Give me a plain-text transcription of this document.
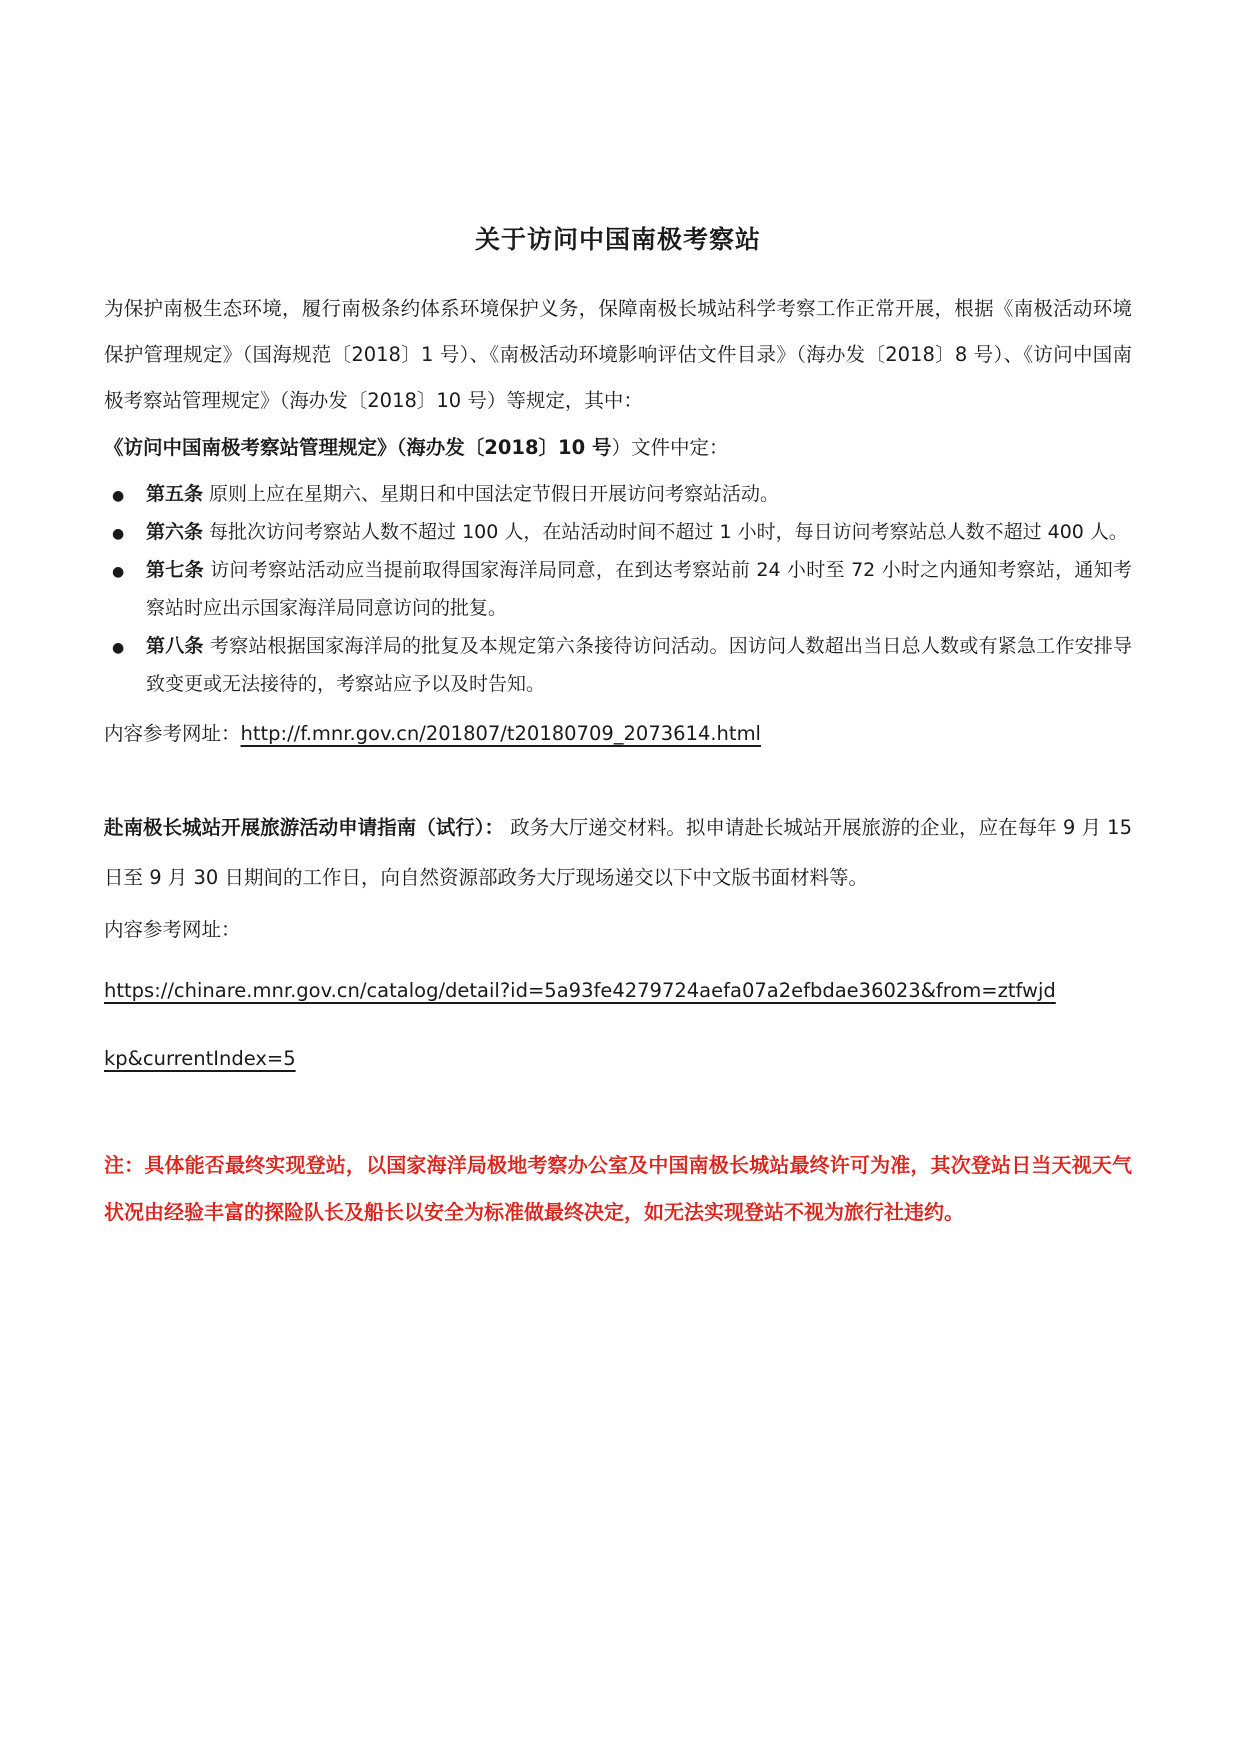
关于访问中国南极考察站

为保护南极生态环境，履行南极条约体系环境保护义务，保障南极长城站科学考察工作正常开展，根据《南极活动环境保护管理规定》（国海规范〔2018〕1 号）、《南极活动环境影响评估文件目录》（海办发〔2018〕8 号）、《访问中国南极考察站管理规定》（海办发〔2018〕10 号）等规定，其中：

《访问中国南极考察站管理规定》（海办发〔2018〕10 号）文件中定：

● 第五条 原则上应在星期六、星期日和中国法定节假日开展访问考察站活动。
● 第六条 每批次访问考察站人数不超过 100 人，在站活动时间不超过 1 小时，每日访问考察站总人数不超过 400 人。
● 第七条 访问考察站活动应当提前取得国家海洋局同意，在到达考察站前 24 小时至 72 小时之内通知考察站，通知考察站时应出示国家海洋局同意访问的批复。
● 第八条 考察站根据国家海洋局的批复及本规定第六条接待访问活动。因访问人数超出当日总人数或有紧急工作安排导致变更或无法接待的，考察站应予以及时告知。

内容参考网址：http://f.mnr.gov.cn/201807/t20180709_2073614.html

赴南极长城站开展旅游活动申请指南（试行）： 政务大厅递交材料。拟申请赴长城站开展旅游的企业，应在每年 9 月 15 日至 9 月 30 日期间的工作日，向自然资源部政务大厅现场递交以下中文版书面材料等。

内容参考网址：

https://chinare.mnr.gov.cn/catalog/detail?id=5a93fe4279724aefa07a2efbdae36023&from=ztfwjd

kp&currentIndex=5

注：具体能否最终实现登站，以国家海洋局极地考察办公室及中国南极长城站最终许可为准，其次登站日当天视天气状况由经验丰富的探险队长及船长以安全为标准做最终决定，如无法实现登站不视为旅行社违约。
